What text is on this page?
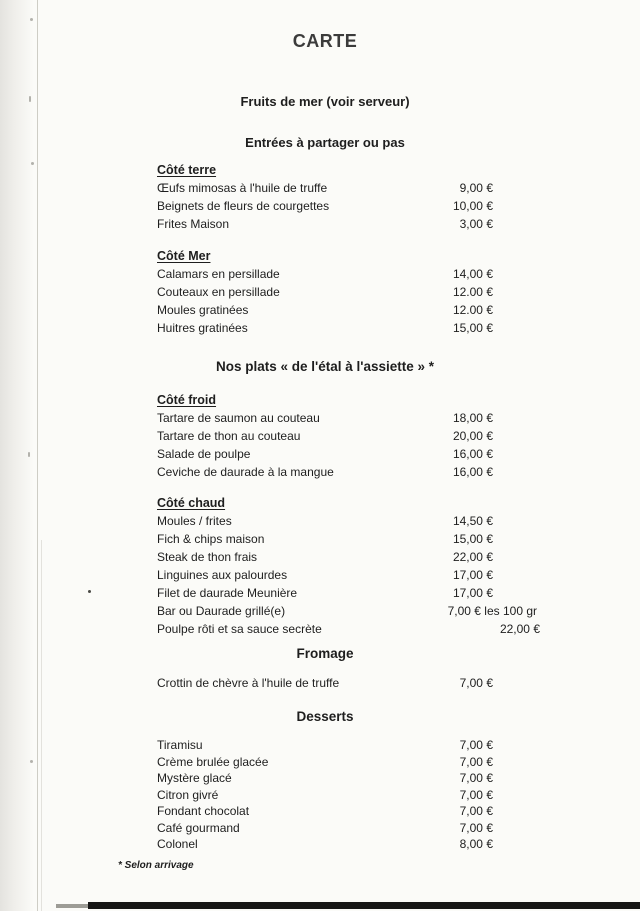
CARTE
Fruits de mer (voir serveur)
Entrées à partager ou pas
Côté terre
Œufs mimosas à l'huile de truffe	9,00 €
Beignets de fleurs de courgettes	10,00 €
Frites Maison	3,00 €
Côté Mer
Calamars en persillade	14,00 €
Couteaux en persillade	12.00 €
Moules gratinées	12.00 €
Huitres gratinées	15,00 €
Nos plats « de l'étal à l'assiette » *
Côté froid
Tartare de saumon au couteau	18,00 €
Tartare de thon au couteau	20,00 €
Salade de poulpe	16,00 €
Ceviche de daurade à la mangue	16,00 €
Côté chaud
Moules / frites	14,50 €
Fich & chips maison	15,00 €
Steak de thon frais	22,00 €
Linguines aux palourdes	17,00 €
Filet de daurade Meunière	17,00 €
Bar ou Daurade grillé(e)	7,00 € les 100 gr
Poulpe rôti et sa sauce secrète	22,00 €
Fromage
Crottin de chèvre à l'huile de truffe	7,00 €
Desserts
Tiramisu	7,00 €
Crème brulée glacée	7,00 €
Mystère glacé	7,00 €
Citron givré	7,00 €
Fondant chocolat	7,00 €
Café gourmand	7,00 €
Colonel	8,00 €
* Selon arrivage
